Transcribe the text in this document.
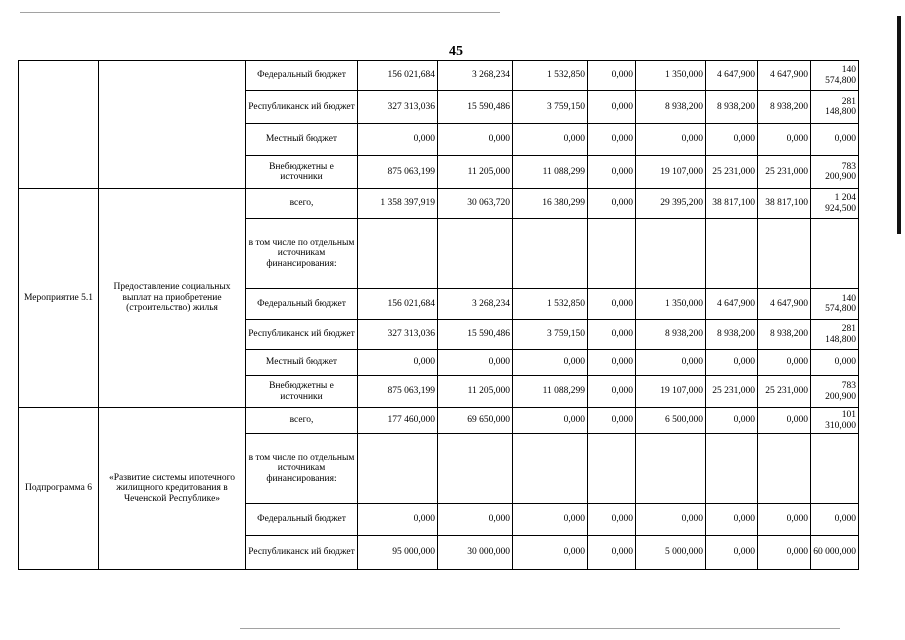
45
		Федеральный бюджет	156 021,684	3 268,234	1 532,850	0,000	1 350,000	4 647,900	4 647,900	140 574,800
		Республиканск ий бюджет	327 313,036	15 590,486	3 759,150	0,000	8 938,200	8 938,200	8 938,200	281 148,800
		Местный бюджет	0,000	0,000	0,000	0,000	0,000	0,000	0,000	0,000
		Внебюджетны е источники	875 063,199	11 205,000	11 088,299	0,000	19 107,000	25 231,000	25 231,000	783 200,900
Мероприятие 5.1	Предоставление социальных выплат на приобретение (строительство) жилья	всего,	1 358 397,919	30 063,720	16 380,299	0,000	29 395,200	38 817,100	38 817,100	1 204 924,500
		в том числе по отдельным источникам финансирования:								
		Федеральный бюджет	156 021,684	3 268,234	1 532,850	0,000	1 350,000	4 647,900	4 647,900	140 574,800
		Республиканск ий бюджет	327 313,036	15 590,486	3 759,150	0,000	8 938,200	8 938,200	8 938,200	281 148,800
		Местный бюджет	0,000	0,000	0,000	0,000	0,000	0,000	0,000	0,000
		Внебюджетны е источники	875 063,199	11 205,000	11 088,299	0,000	19 107,000	25 231,000	25 231,000	783 200,900
Подпрограмма 6	«Развитие системы ипотечного жилищного кредитования в Чеченской Республике»	всего,	177 460,000	69 650,000	0,000	0,000	6 500,000	0,000	0,000	101 310,000
		в том числе по отдельным источникам финансирования:								
		Федеральный бюджет	0,000	0,000	0,000	0,000	0,000	0,000	0,000	0,000
		Республиканск ий бюджет	95 000,000	30 000,000	0,000	0,000	5 000,000	0,000	0,000	60 000,000
